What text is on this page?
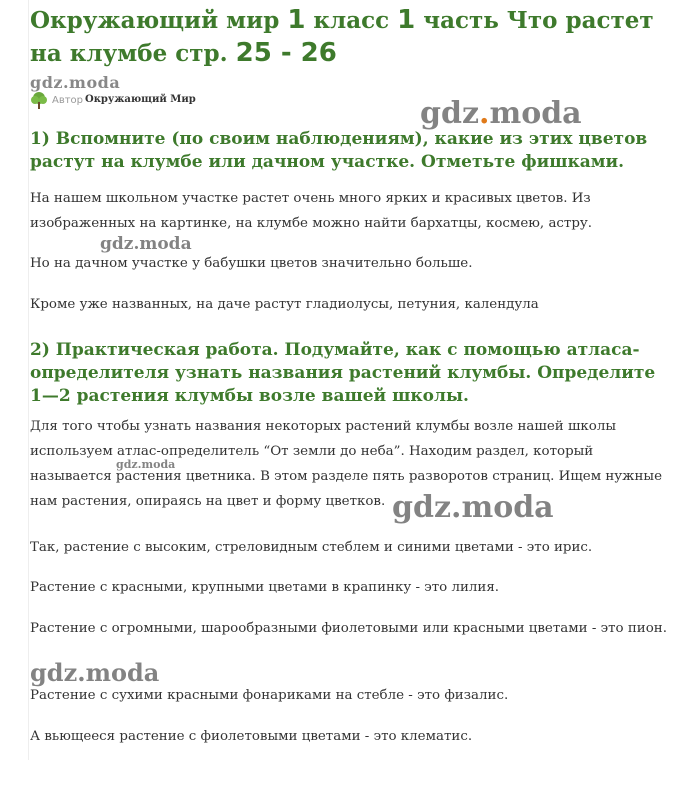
Окружающий мир 1 класс 1 часть Что растет на клумбе стр. 25 - 26
gdz.moda
Автор Окружающий Мир
1) Вспомните (по своим наблюдениям), какие из этих цветов растут на клумбе или дачном участке. Отметьте фишками.

На нашем школьном участке растет очень много ярких и красивых цветов. Из изображенных на картинке, на клумбе можно найти бархатцы, космею, астру.

Но на дачном участке у бабушки цветов значительно больше.

Кроме уже названных, на даче растут гладиолусы, петуния, календула

2) Практическая работа. Подумайте, как с помощью атласа-определителя узнать названия растений клумбы. Определите 1—2 растения клумбы возле вашей школы.

Для того чтобы узнать названия некоторых растений клумбы возле нашей школы используем атлас-определитель “От земли до неба”. Находим раздел, который называется растения цветника. В этом разделе пять разворотов страниц. Ищем нужные нам растения, опираясь на цвет и форму цветков.

Так, растение с высоким, стреловидным стеблем и синими цветами - это ирис.

Растение с красными, крупными цветами в крапинку - это лилия.

Растение с огромными, шарообразными фиолетовыми или красными цветами - это пион.

Растение с сухими красными фонариками на стебле - это физалис.

А вьющееся растение с фиолетовыми цветами - это клематис.

gdz.moda
gdz.moda
gdz.moda
gdz.moda
gdz.moda
